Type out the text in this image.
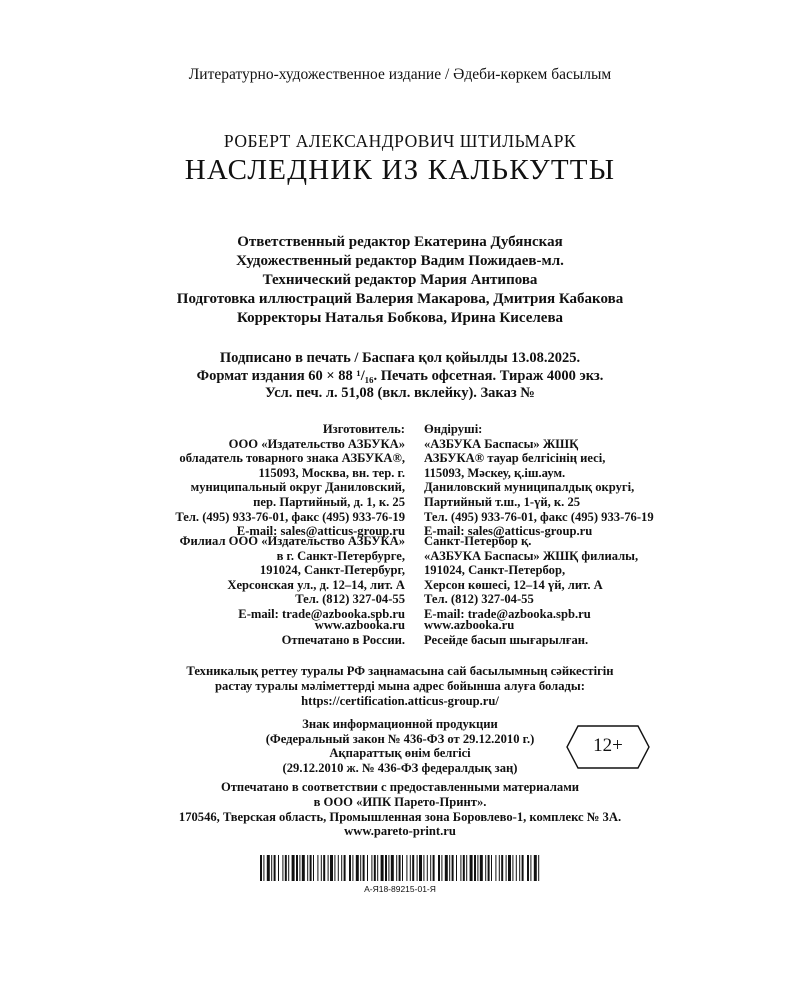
Литературно-художественное издание / Әдеби-көркем басылым
РОБЕРТ АЛЕКСАНДРОВИЧ ШТИЛЬМАРК
НАСЛЕДНИК ИЗ КАЛЬКУТТЫ
Ответственный редактор Екатерина Дубянская
Художественный редактор Вадим Пожидаев-мл.
Технический редактор Мария Антипова
Подготовка иллюстраций Валерия Макарова, Дмитрия Кабакова
Корректоры Наталья Бобкова, Ирина Киселева
Подписано в печать / Баспаға қол қойылды 13.08.2025.
Формат издания 60 × 88 ¹/₁₆. Печать офсетная. Тираж 4000 экз.
Усл. печ. л. 51,08 (вкл. вклейку). Заказ №
Изготовитель:
ООО «Издательство АЗБУКА»
обладатель товарного знака АЗБУКА®,
115093, Москва, вн. тер. г.
муниципальный округ Даниловский,
пер. Партийный, д. 1, к. 25
Тел. (495) 933-76-01, факс (495) 933-76-19
E-mail: sales@atticus-group.ru
Өндіруші:
«АЗБУКА Баспасы» ЖШҚ
АЗБУКА® тауар белгісінің иесі,
115093, Мәскеу, қ.іш.аум.
Даниловский муниципалдық округі,
Партийный т.ш., 1-үй, к. 25
Тел. (495) 933-76-01, факс (495) 933-76-19
E-mail: sales@atticus-group.ru
Филиал ООО «Издательство АЗБУКА»
в г. Санкт-Петербурге,
191024, Санкт-Петербург,
Херсонская ул., д. 12–14, лит. А
Тел. (812) 327-04-55
E-mail: trade@azbooka.spb.ru
Санкт-Петербор қ.
«АЗБУКА Баспасы» ЖШҚ филиалы,
191024, Санкт-Петербор,
Херсон көшесі, 12–14 үй, лит. А
Тел. (812) 327-04-55
E-mail: trade@azbooka.spb.ru
www.azbooka.ru
Отпечатано в России.
www.azbooka.ru
Ресейде басып шығарылған.
Техникалық реттеу туралы РФ заңнамасына сай басылымның сәйкестігін
растау туралы мәліметтерді мына адрес бойынша алуға болады:
https://certification.atticus-group.ru/
Знак информационной продукции
(Федеральный закон № 436-ФЗ от 29.12.2010 г.)
Ақпараттық өнім белгісі
(29.12.2010 ж. № 436-ФЗ федералдық заң)
12+
Отпечатано в соответствии с предоставленными материалами
в ООО «ИПК Парето-Принт».
170546, Тверская область, Промышленная зона Боровлево-1, комплекс № 3А.
www.pareto-print.ru
А-Я18-89215-01-Я
